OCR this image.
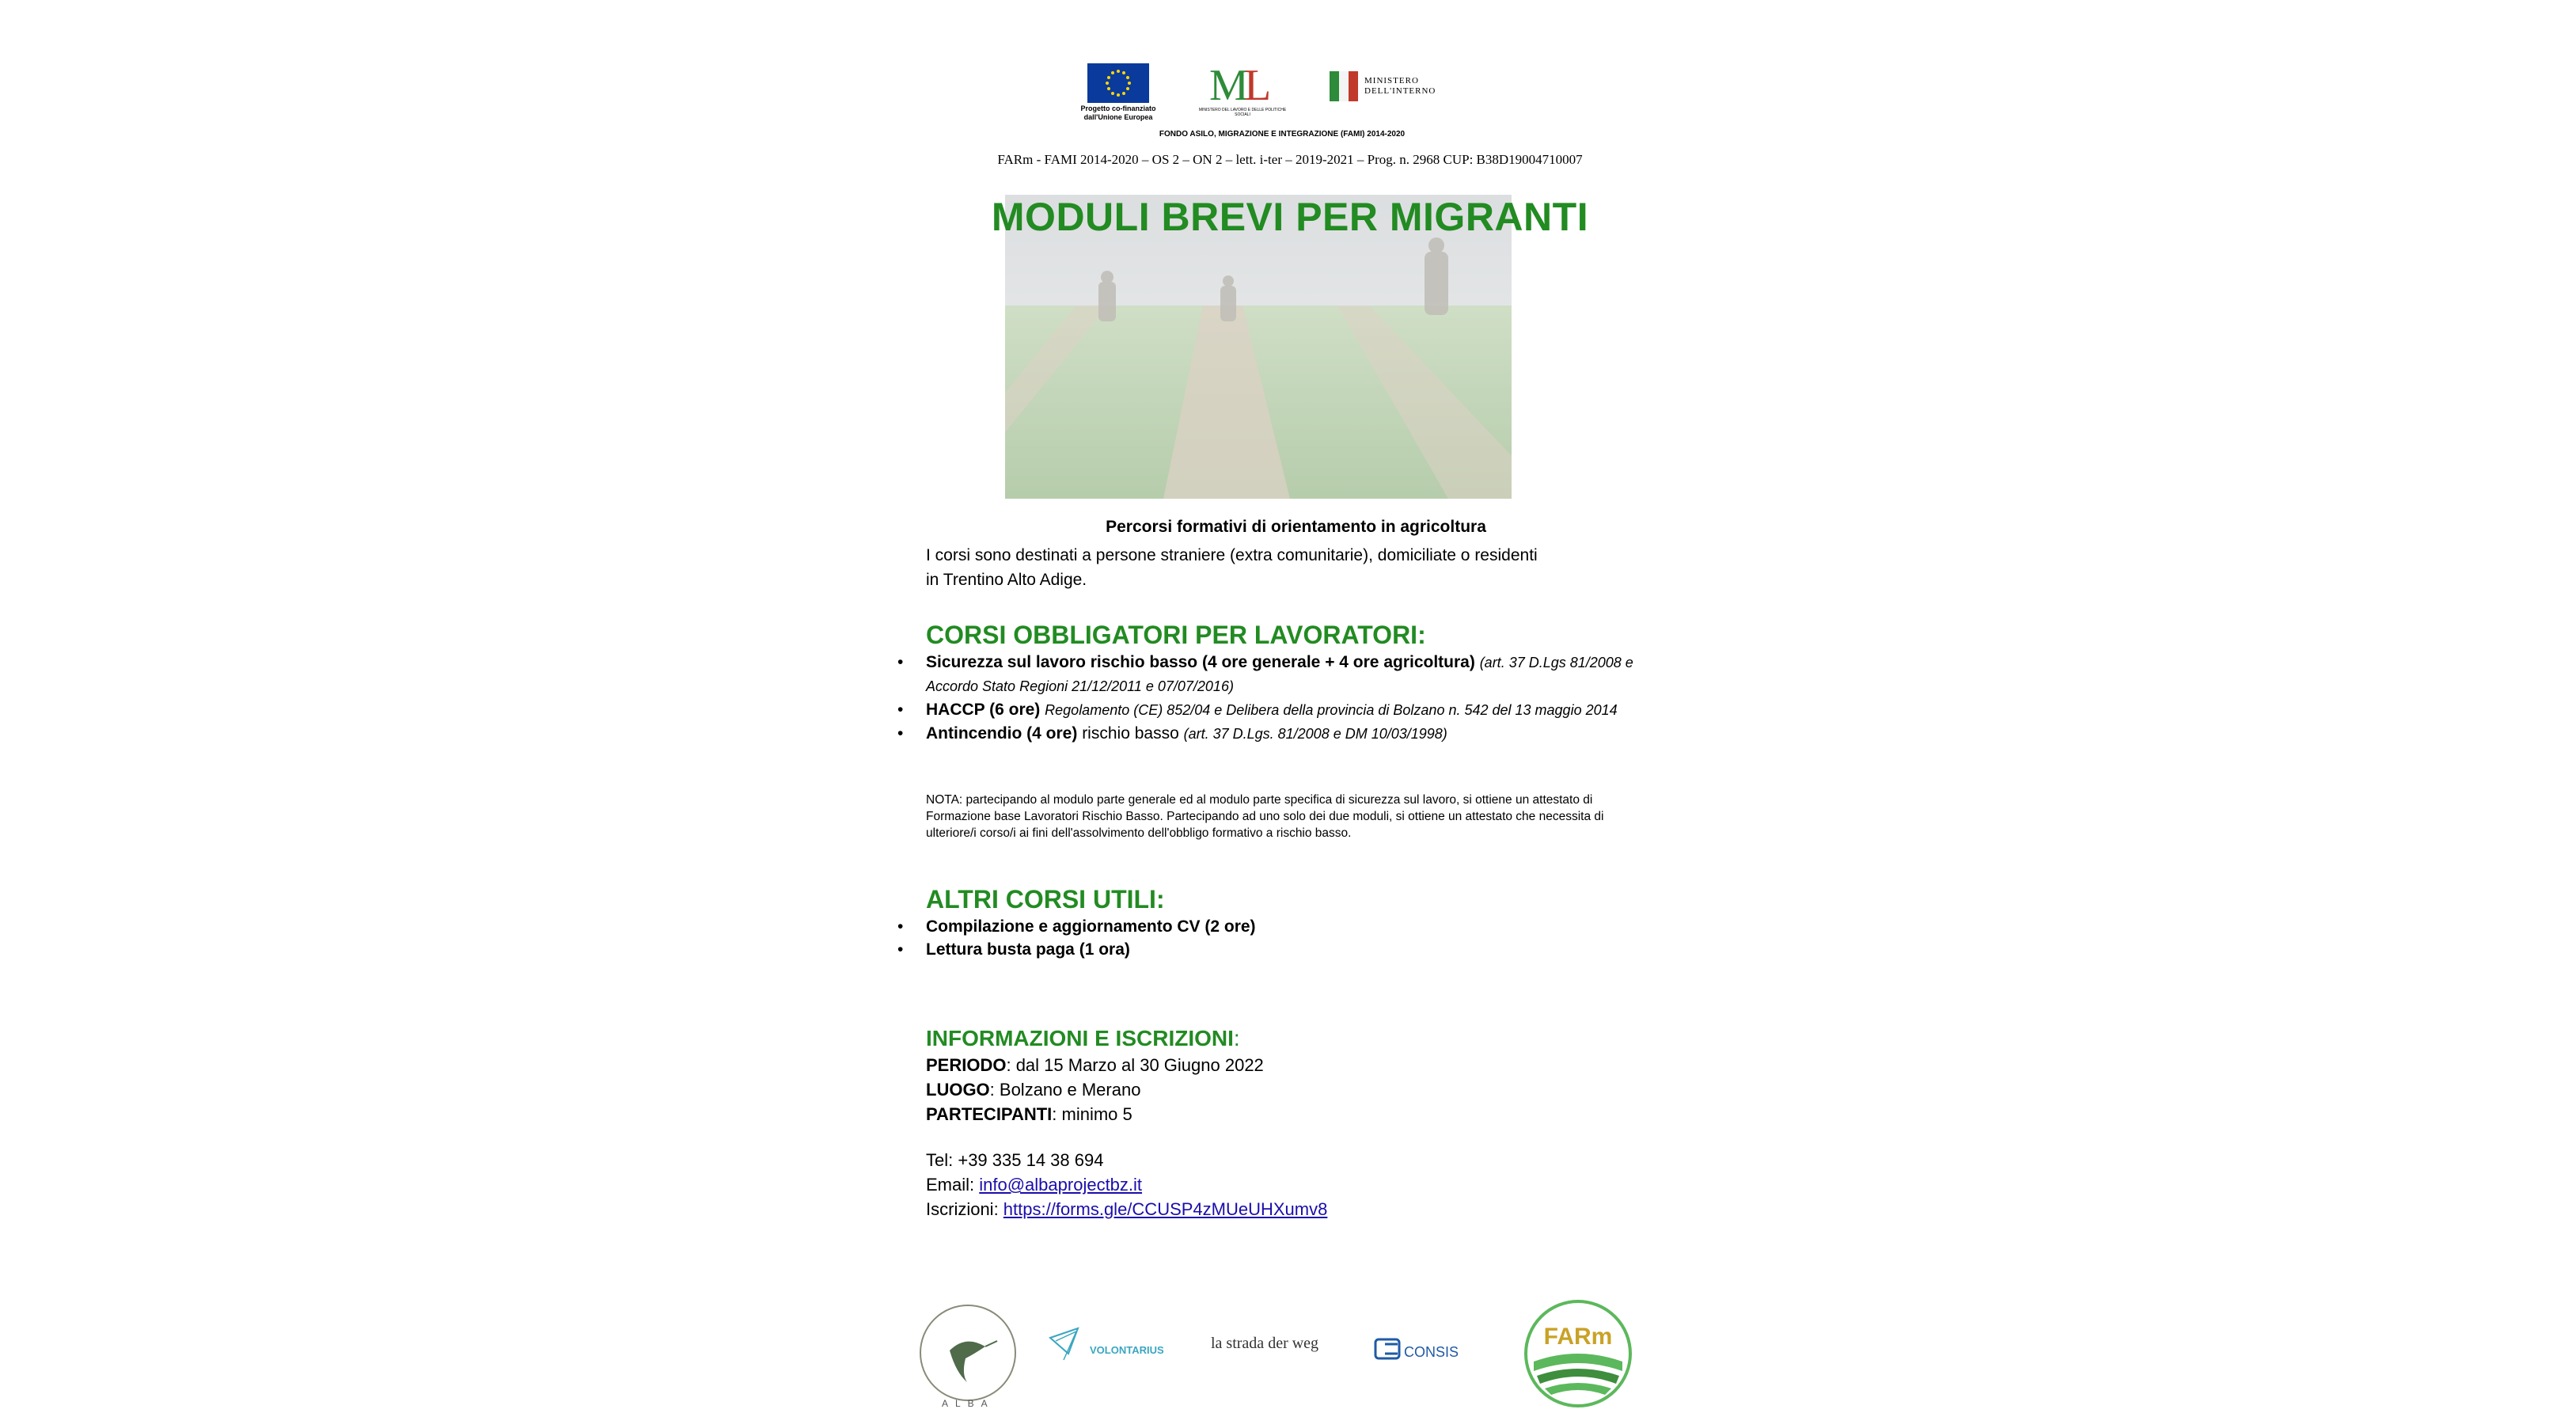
Progetto co-finanziato dall'Unione Europea
M
L
MINISTERO DEL LAVORO E DELLE POLITICHE SOCIALI
MINISTERO
DELL'INTERNO
FONDO ASILO, MIGRAZIONE E INTEGRAZIONE (FAMI) 2014-2020
FARm - FAMI 2014-2020 – OS 2 – ON 2 – lett. i-ter – 2019-2021 – Prog. n. 2968 CUP: B38D19004710007
MODULI BREVI PER MIGRANTI
Percorsi formativi di orientamento in agricoltura
I corsi sono destinati a persone straniere (extra comunitarie), domiciliate o residenti
in Trentino Alto Adige.
CORSI OBBLIGATORI PER LAVORATORI:
• Sicurezza sul lavoro rischio basso (4 ore generale + 4 ore agricoltura) (art. 37 D.Lgs 81/2008 e Accordo Stato Regioni 21/12/2011 e 07/07/2016)
• HACCP (6 ore) Regolamento (CE) 852/04 e Delibera della provincia di Bolzano n. 542 del 13 maggio 2014
• Antincendio (4 ore) rischio basso (art. 37 D.Lgs. 81/2008 e DM 10/03/1998)
NOTA: partecipando al modulo parte generale ed al modulo parte specifica di sicurezza sul lavoro, si ottiene un attestato di Formazione base Lavoratori Rischio Basso. Partecipando ad uno solo dei due moduli, si ottiene un attestato che necessita di ulteriore/i corso/i ai fini dell'assolvimento dell'obbligo formativo a rischio basso.
ALTRI CORSI UTILI:
• Compilazione e aggiornamento CV (2 ore)
• Lettura busta paga (1 ora)
INFORMAZIONI E ISCRIZIONI:
PERIODO: dal 15 Marzo al 30 Giugno 2022
LUOGO: Bolzano e Merano
PARTECIPANTI: minimo 5
Tel: +39 335 14 38 694
Email: info@albaprojectbz.it
Iscrizioni: https://forms.gle/CCUSP4zMUeUHXumv8
ALBA
VOLONTARIUS	la strada der weg	CONSIS
FARm
